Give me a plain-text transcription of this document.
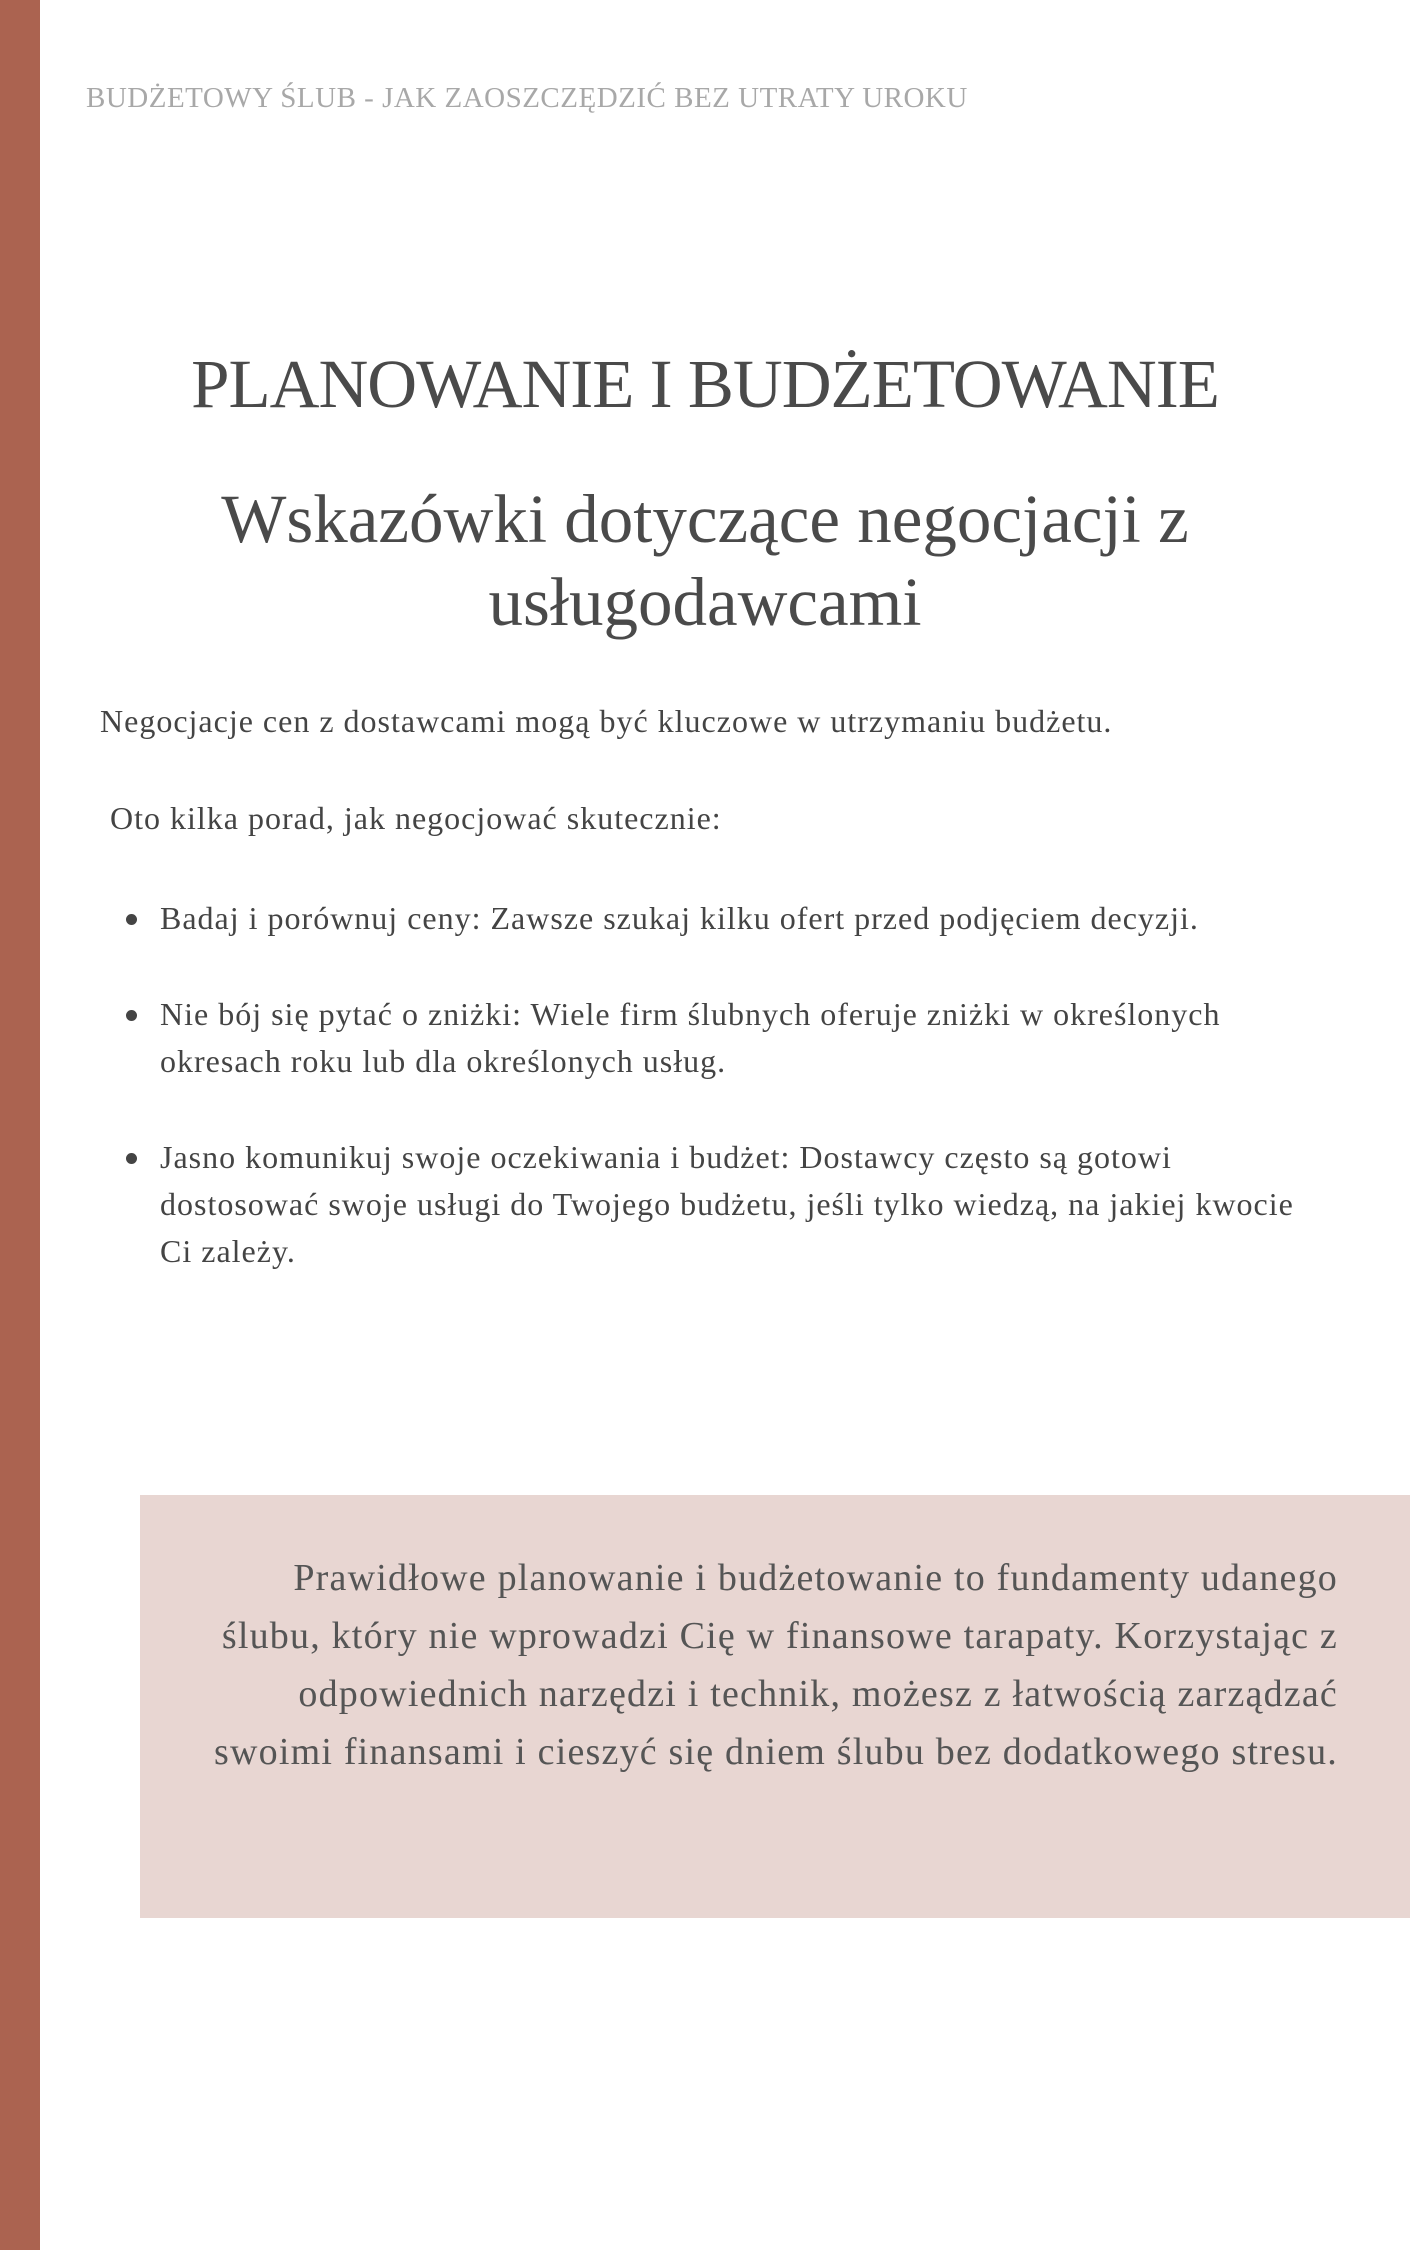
BUDŻETOWY ŚLUB - JAK ZAOSZCZĘDZIĆ BEZ UTRATY UROKU
PLANOWANIE I BUDŻETOWANIE
Wskazówki dotyczące negocjacji z usługodawcami

Negocjacje cen z dostawcami mogą być kluczowe w utrzymaniu budżetu.

Oto kilka porad, jak negocjować skutecznie:

Badaj i porównuj ceny: Zawsze szukaj kilku ofert przed podjęciem decyzji.
Nie bój się pytać o zniżki: Wiele firm ślubnych oferuje zniżki w określonych okresach roku lub dla określonych usług.
Jasno komunikuj swoje oczekiwania i budżet: Dostawcy często są gotowi dostosować swoje usługi do Twojego budżetu, jeśli tylko wiedzą, na jakiej kwocie Ci zależy.

Prawidłowe planowanie i budżetowanie to fundamenty udanego ślubu, który nie wprowadzi Cię w finansowe tarapaty. Korzystając z odpowiednich narzędzi i technik, możesz z łatwością zarządzać swoimi finansami i cieszyć się dniem ślubu bez dodatkowego stresu.
